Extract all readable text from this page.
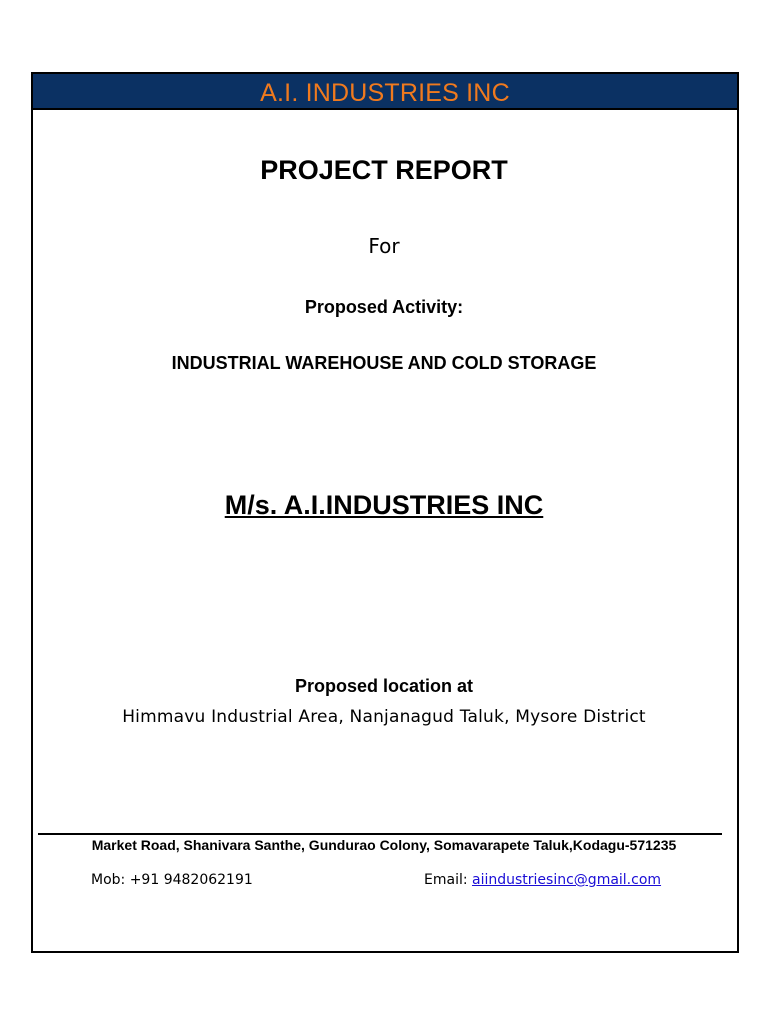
A.I. INDUSTRIES INC
PROJECT REPORT
For
Proposed Activity:
INDUSTRIAL WAREHOUSE AND COLD STORAGE
M/s. A.I.INDUSTRIES INC
Proposed location at
Himmavu Industrial Area, Nanjanagud Taluk, Mysore District
Market Road, Shanivara Santhe, Gundurao Colony, Somavarapete Taluk,Kodagu-571235
Mob: +91 9482062191	Email: aiindustriesinc@gmail.com
